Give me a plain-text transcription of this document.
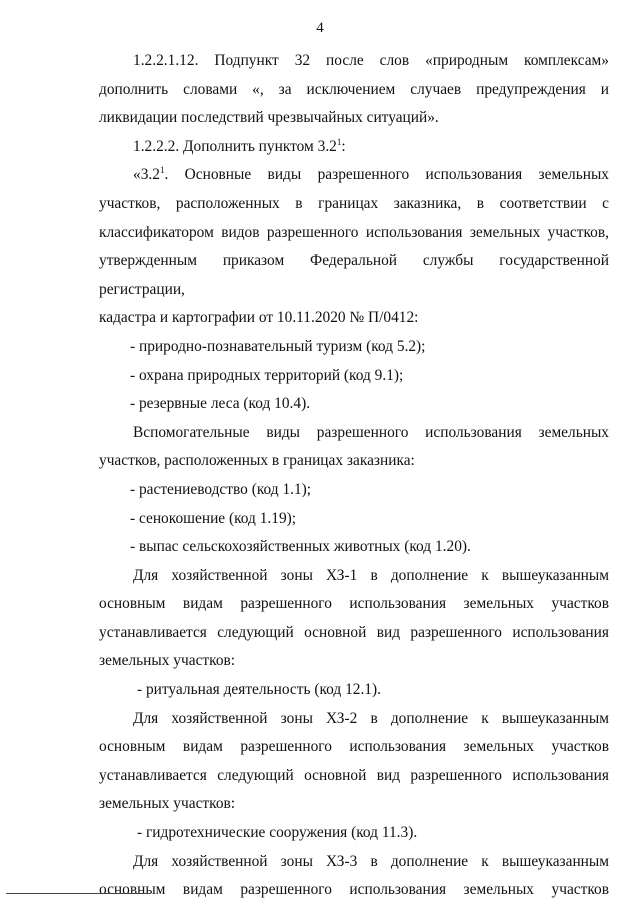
4

1.2.2.1.12. Подпункт 32 после слов «природным комплексам»

дополнить словами «, за исключением случаев предупреждения и

ликвидации последствий чрезвычайных ситуаций».

1.2.2.2. Дополнить пунктом $3.2^1$:

«$3.2^1$. Основные виды разрешенного использования земельных

участков, расположенных в границах заказника, в соответствии с

классификатором видов разрешенного использования земельных участков,

утвержденным приказом Федеральной службы государственной регистрации,

кадастра и картографии от 10.11.2020 № П/0412:

- природно-познавательный туризм (код 5.2);

- охрана природных территорий (код 9.1);

- резервные леса (код 10.4).

Вспомогательные виды разрешенного использования земельных

участков, расположенных в границах заказника:

- растениеводство (код 1.1);

- сенокошение (код 1.19);

- выпас сельскохозяйственных животных (код 1.20).

Для хозяйственной зоны ХЗ-1 в дополнение к вышеуказанным

основным видам разрешенного использования земельных участков

устанавливается следующий основной вид разрешенного использования

земельных участков:

- ритуальная деятельность (код 12.1).

Для хозяйственной зоны ХЗ-2 в дополнение к вышеуказанным

основным видам разрешенного использования земельных участков

устанавливается следующий основной вид разрешенного использования

земельных участков:

- гидротехнические сооружения (код 11.3).

Для хозяйственной зоны ХЗ-3 в дополнение к вышеуказанным

основным видам разрешенного использования земельных участков
